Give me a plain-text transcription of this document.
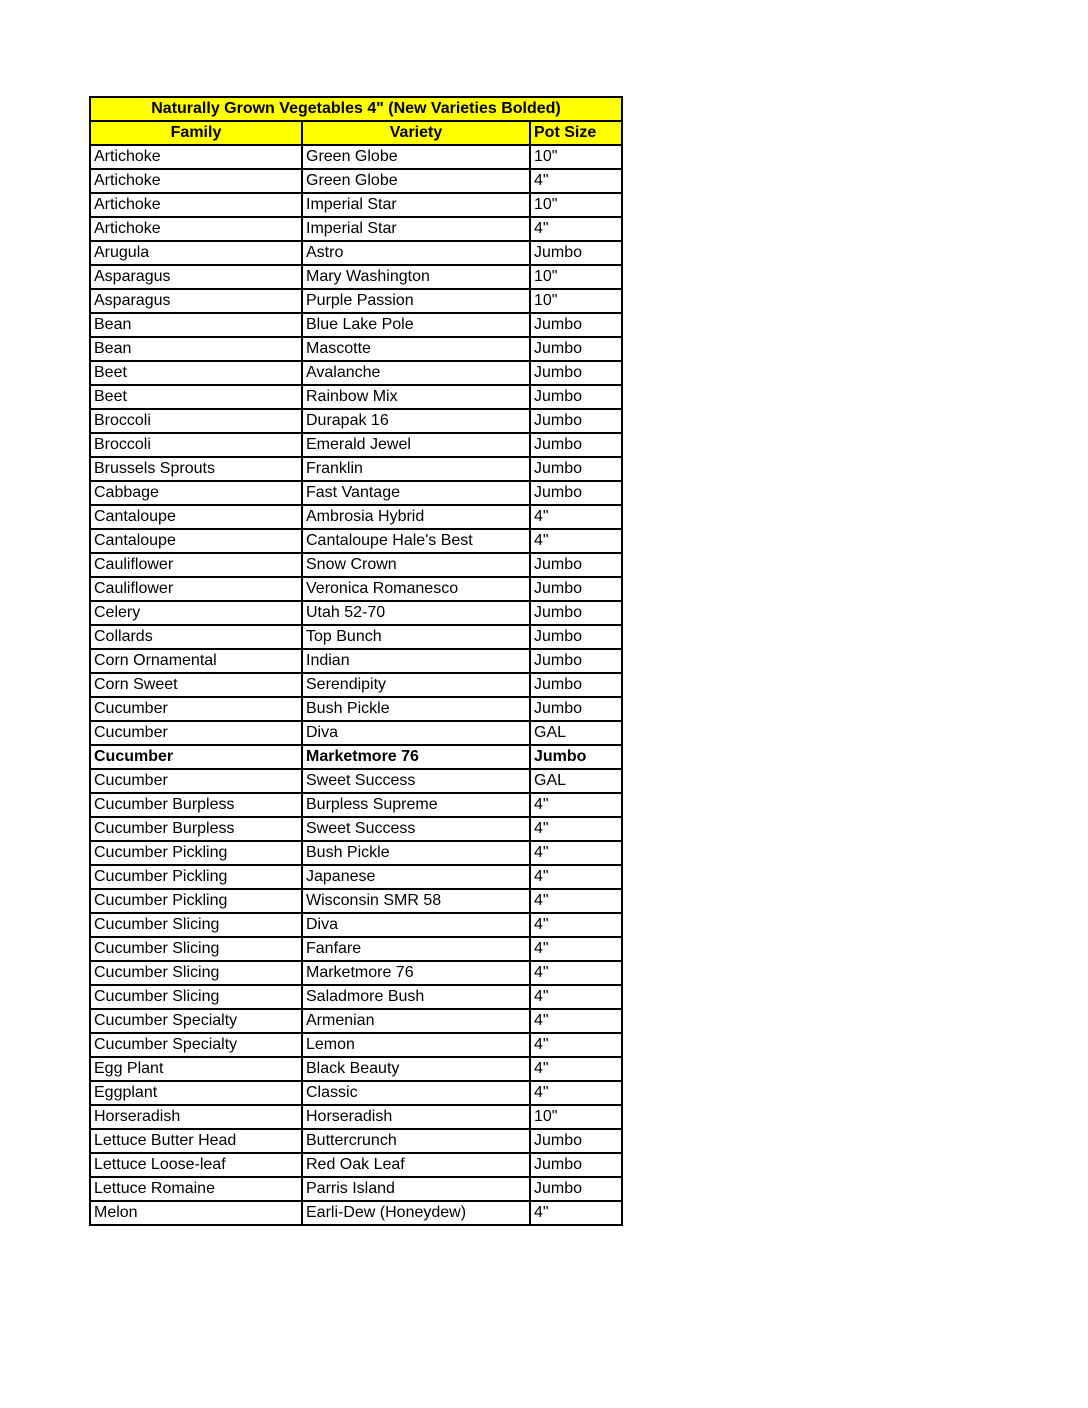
Naturally Grown Vegetables 4" (New Varieties Bolded)		
Family	Variety	Pot Size
Artichoke	Green Globe	10"
Artichoke	Green Globe	4"
Artichoke	Imperial Star	10"
Artichoke	Imperial Star	4"
Arugula	Astro	Jumbo
Asparagus	Mary Washington	10"
Asparagus	Purple Passion	10"
Bean	Blue Lake Pole	Jumbo
Bean	Mascotte	Jumbo
Beet	Avalanche	Jumbo
Beet	Rainbow Mix	Jumbo
Broccoli	Durapak 16	Jumbo
Broccoli	Emerald Jewel	Jumbo
Brussels Sprouts	Franklin	Jumbo
Cabbage	Fast Vantage	Jumbo
Cantaloupe	Ambrosia Hybrid	4"
Cantaloupe	Cantaloupe Hale's Best	4"
Cauliflower	Snow Crown	Jumbo
Cauliflower	Veronica Romanesco	Jumbo
Celery	Utah 52-70	Jumbo
Collards	Top Bunch	Jumbo
Corn Ornamental	Indian	Jumbo
Corn Sweet	Serendipity	Jumbo
Cucumber	Bush Pickle	Jumbo
Cucumber	Diva	GAL
Cucumber	Marketmore 76	Jumbo
Cucumber	Sweet Success	GAL
Cucumber Burpless	Burpless Supreme	4"
Cucumber Burpless	Sweet Success	4"
Cucumber Pickling	Bush Pickle	4"
Cucumber Pickling	Japanese	4"
Cucumber Pickling	Wisconsin SMR 58	4"
Cucumber Slicing	Diva	4"
Cucumber Slicing	Fanfare	4"
Cucumber Slicing	Marketmore 76	4"
Cucumber Slicing	Saladmore Bush	4"
Cucumber Specialty	Armenian	4"
Cucumber Specialty	Lemon	4"
Egg Plant	Black Beauty	4"
Eggplant	Classic	4"
Horseradish	Horseradish	10"
Lettuce Butter Head	Buttercrunch	Jumbo
Lettuce Loose-leaf	Red Oak Leaf	Jumbo
Lettuce Romaine	Parris Island	Jumbo
Melon	Earli-Dew (Honeydew)	4"
